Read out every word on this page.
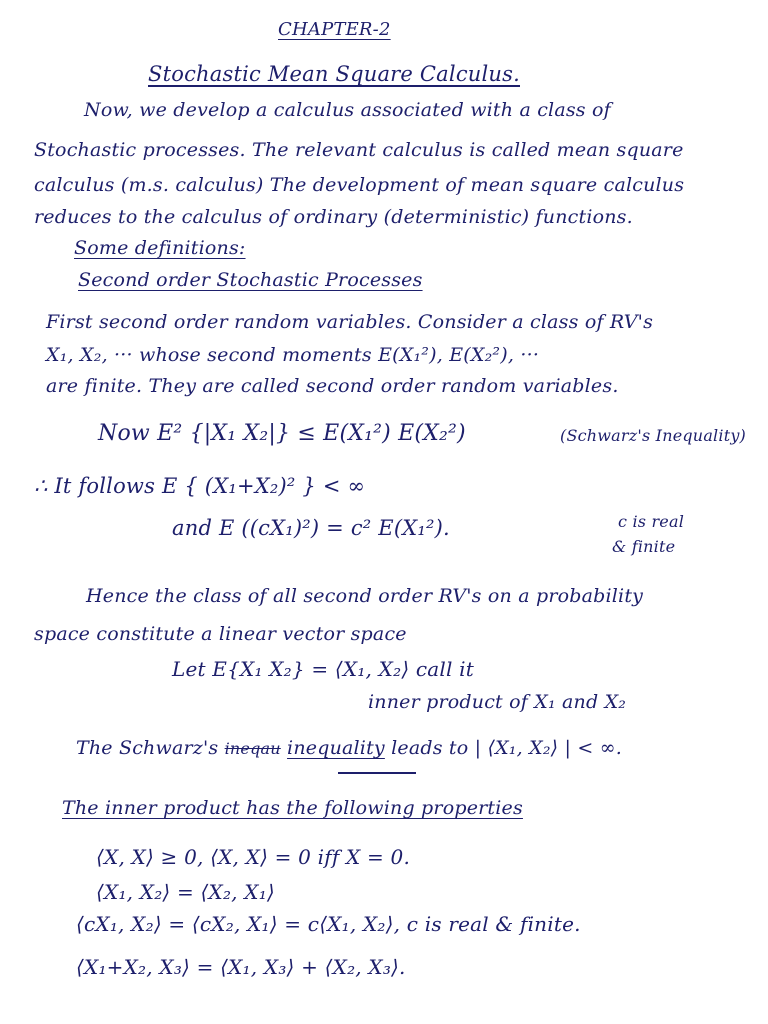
CHAPTER-2
Stochastic Mean Square Calculus.
Now, we develop a calculus associated with a class of
Stochastic processes. The relevant calculus is called mean square
calculus (m.s. calculus) The development of mean square calculus
reduces to the calculus of ordinary (deterministic) functions.
Some definitions:
Second order Stochastic Processes
First second order random variables. Consider a class of RV's
X₁, X₂, ··· whose second moments E(X₁²), E(X₂²), ···
are finite. They are called second order random variables.
Now E² {|X₁ X₂|} ≤ E(X₁²) E(X₂²)	(Schwarz's Inequality)
∴ It follows E { (X₁+X₂)² } < ∞
and E ((cX₁)²) = c² E(X₁²).	c is real
& finite
Hence the class of all second order RV's on a probability
space constitute a linear vector space
Let E{X₁ X₂} = ⟨X₁, X₂⟩ call it
inner product of X₁ and X₂
The Schwarz's ineqau inequality leads to | ⟨X₁, X₂⟩ | < ∞.
The inner product has the following properties
⟨X, X⟩ ≥ 0, ⟨X, X⟩ = 0 iff X = 0.
⟨X₁, X₂⟩ = ⟨X₂, X₁⟩
⟨cX₁, X₂⟩ = ⟨cX₂, X₁⟩ = c⟨X₁, X₂⟩, c is real & finite.
⟨X₁+X₂, X₃⟩ = ⟨X₁, X₃⟩ + ⟨X₂, X₃⟩.
